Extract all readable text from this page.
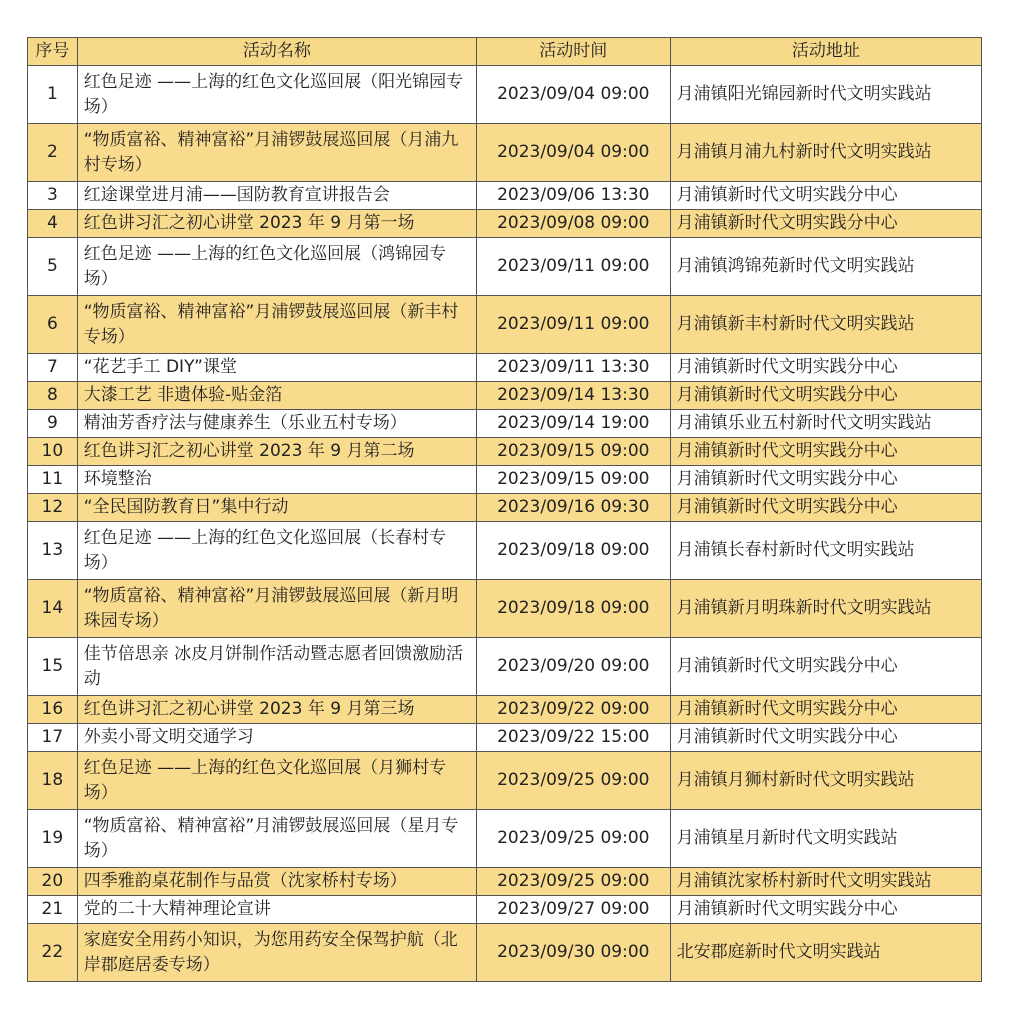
序号	活动名称	活动时间	活动地址
1	红色足迹 ——上海的红色文化巡回展（阳光锦园专场）	2023/09/04 09:00	月浦镇阳光锦园新时代文明实践站
2	“物质富裕、精神富裕”月浦锣鼓展巡回展（月浦九村专场）	2023/09/04 09:00	月浦镇月浦九村新时代文明实践站
3	红途课堂进月浦——国防教育宣讲报告会	2023/09/06 13:30	月浦镇新时代文明实践分中心
4	红色讲习汇之初心讲堂 2023 年 9 月第一场	2023/09/08 09:00	月浦镇新时代文明实践分中心
5	红色足迹 ——上海的红色文化巡回展（鸿锦园专场）	2023/09/11 09:00	月浦镇鸿锦苑新时代文明实践站
6	“物质富裕、精神富裕”月浦锣鼓展巡回展（新丰村专场）	2023/09/11 09:00	月浦镇新丰村新时代文明实践站
7	“花艺手工 DIY”课堂	2023/09/11 13:30	月浦镇新时代文明实践分中心
8	大漆工艺 非遗体验-贴金箔	2023/09/14 13:30	月浦镇新时代文明实践分中心
9	精油芳香疗法与健康养生（乐业五村专场）	2023/09/14 19:00	月浦镇乐业五村新时代文明实践站
10	红色讲习汇之初心讲堂 2023 年 9 月第二场	2023/09/15 09:00	月浦镇新时代文明实践分中心
11	环境整治	2023/09/15 09:00	月浦镇新时代文明实践分中心
12	“全民国防教育日”集中行动	2023/09/16 09:30	月浦镇新时代文明实践分中心
13	红色足迹 ——上海的红色文化巡回展（长春村专场）	2023/09/18 09:00	月浦镇长春村新时代文明实践站
14	“物质富裕、精神富裕”月浦锣鼓展巡回展（新月明珠园专场）	2023/09/18 09:00	月浦镇新月明珠新时代文明实践站
15	佳节倍思亲 冰皮月饼制作活动暨志愿者回馈激励活动	2023/09/20 09:00	月浦镇新时代文明实践分中心
16	红色讲习汇之初心讲堂 2023 年 9 月第三场	2023/09/22 09:00	月浦镇新时代文明实践分中心
17	外卖小哥文明交通学习	2023/09/22 15:00	月浦镇新时代文明实践分中心
18	红色足迹 ——上海的红色文化巡回展（月狮村专场）	2023/09/25 09:00	月浦镇月狮村新时代文明实践站
19	“物质富裕、精神富裕”月浦锣鼓展巡回展（星月专场）	2023/09/25 09:00	月浦镇星月新时代文明实践站
20	四季雅韵桌花制作与品赏（沈家桥村专场）	2023/09/25 09:00	月浦镇沈家桥村新时代文明实践站
21	党的二十大精神理论宣讲	2023/09/27 09:00	月浦镇新时代文明实践分中心
22	家庭安全用药小知识，为您用药安全保驾护航（北岸郡庭居委专场）	2023/09/30 09:00	北安郡庭新时代文明实践站
